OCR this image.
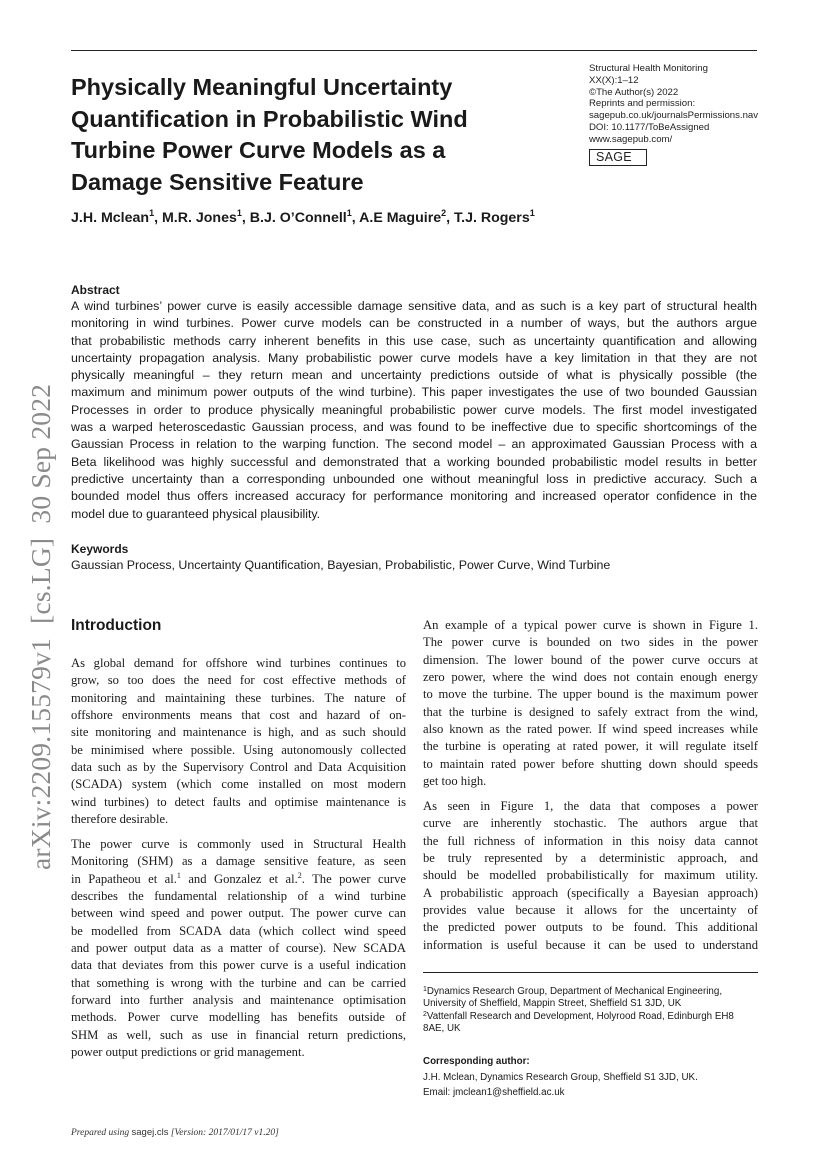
Physically Meaningful Uncertainty
Quantification in Probabilistic Wind
Turbine Power Curve Models as a
Damage Sensitive Feature
Structural Health Monitoring
XX(X):1–12
©The Author(s) 2022
Reprints and permission:
sagepub.co.uk/journalsPermissions.nav
DOI: 10.1177/ToBeAssigned
www.sagepub.com/
SAGE
J.H. Mclean$^1$, M.R. Jones$^1$, B.J. O’Connell$^1$, A.E Maguire$^2$, T.J. Rogers$^1$
arXiv:2209.15579v1  [cs.LG]  30 Sep 2022
Abstract
A wind turbines’ power curve is easily accessible damage sensitive data, and as such is a key part of structural health
monitoring in wind turbines. Power curve models can be constructed in a number of ways, but the authors argue
that probabilistic methods carry inherent benefits in this use case, such as uncertainty quantification and allowing
uncertainty propagation analysis. Many probabilistic power curve models have a key limitation in that they are not
physically meaningful – they return mean and uncertainty predictions outside of what is physically possible (the
maximum and minimum power outputs of the wind turbine). This paper investigates the use of two bounded Gaussian
Processes in order to produce physically meaningful probabilistic power curve models. The first model investigated
was a warped heteroscedastic Gaussian process, and was found to be ineffective due to specific shortcomings of the
Gaussian Process in relation to the warping function. The second model – an approximated Gaussian Process with a
Beta likelihood was highly successful and demonstrated that a working bounded probabilistic model results in better
predictive uncertainty than a corresponding unbounded one without meaningful loss in predictive accuracy. Such a
bounded model thus offers increased accuracy for performance monitoring and increased operator confidence in the
model due to guaranteed physical plausibility.
Keywords
Gaussian Process, Uncertainty Quantification, Bayesian, Probabilistic, Power Curve, Wind Turbine
Introduction
As global demand for offshore wind turbines continues to
grow, so too does the need for cost effective methods of
monitoring and maintaining these turbines. The nature of
offshore environments means that cost and hazard of on-
site monitoring and maintenance is high, and as such should
be minimised where possible. Using autonomously collected
data such as by the Supervisory Control and Data Acquisition
(SCADA) system (which come installed on most modern
wind turbines) to detect faults and optimise maintenance is
therefore desirable.
The power curve is commonly used in Structural Health
Monitoring (SHM) as a damage sensitive feature, as seen
in Papatheou et al.$^1$ and Gonzalez et al.$^2$. The power curve
describes the fundamental relationship of a wind turbine
between wind speed and power output. The power curve can
be modelled from SCADA data (which collect wind speed
and power output data as a matter of course). New SCADA
data that deviates from this power curve is a useful indication
that something is wrong with the turbine and can be carried
forward into further analysis and maintenance optimisation
methods. Power curve modelling has benefits outside of
SHM as well, such as use in financial return predictions,
power output predictions or grid management.
An example of a typical power curve is shown in Figure 1.
The power curve is bounded on two sides in the power
dimension. The lower bound of the power curve occurs at
zero power, where the wind does not contain enough energy
to move the turbine. The upper bound is the maximum power
that the turbine is designed to safely extract from the wind,
also known as the rated power. If wind speed increases while
the turbine is operating at rated power, it will regulate itself
to maintain rated power before shutting down should speeds
get too high.
As seen in Figure 1, the data that composes a power
curve are inherently stochastic. The authors argue that
the full richness of information in this noisy data cannot
be truly represented by a deterministic approach, and
should be modelled probabilistically for maximum utility.
A probabilistic approach (specifically a Bayesian approach)
provides value because it allows for the uncertainty of
the predicted power outputs to be found. This additional
information is useful because it can be used to understand
$^1$Dynamics Research Group, Department of Mechanical Engineering,
University of Sheffield, Mappin Street, Sheffield S1 3JD, UK
$^2$Vattenfall Research and Development, Holyrood Road, Edinburgh EH8
8AE, UK
Corresponding author:
J.H. Mclean, Dynamics Research Group, Sheffield S1 3JD, UK.
Email: jmclean1@sheffield.ac.uk
Prepared using sagej.cls [Version: 2017/01/17 v1.20]
